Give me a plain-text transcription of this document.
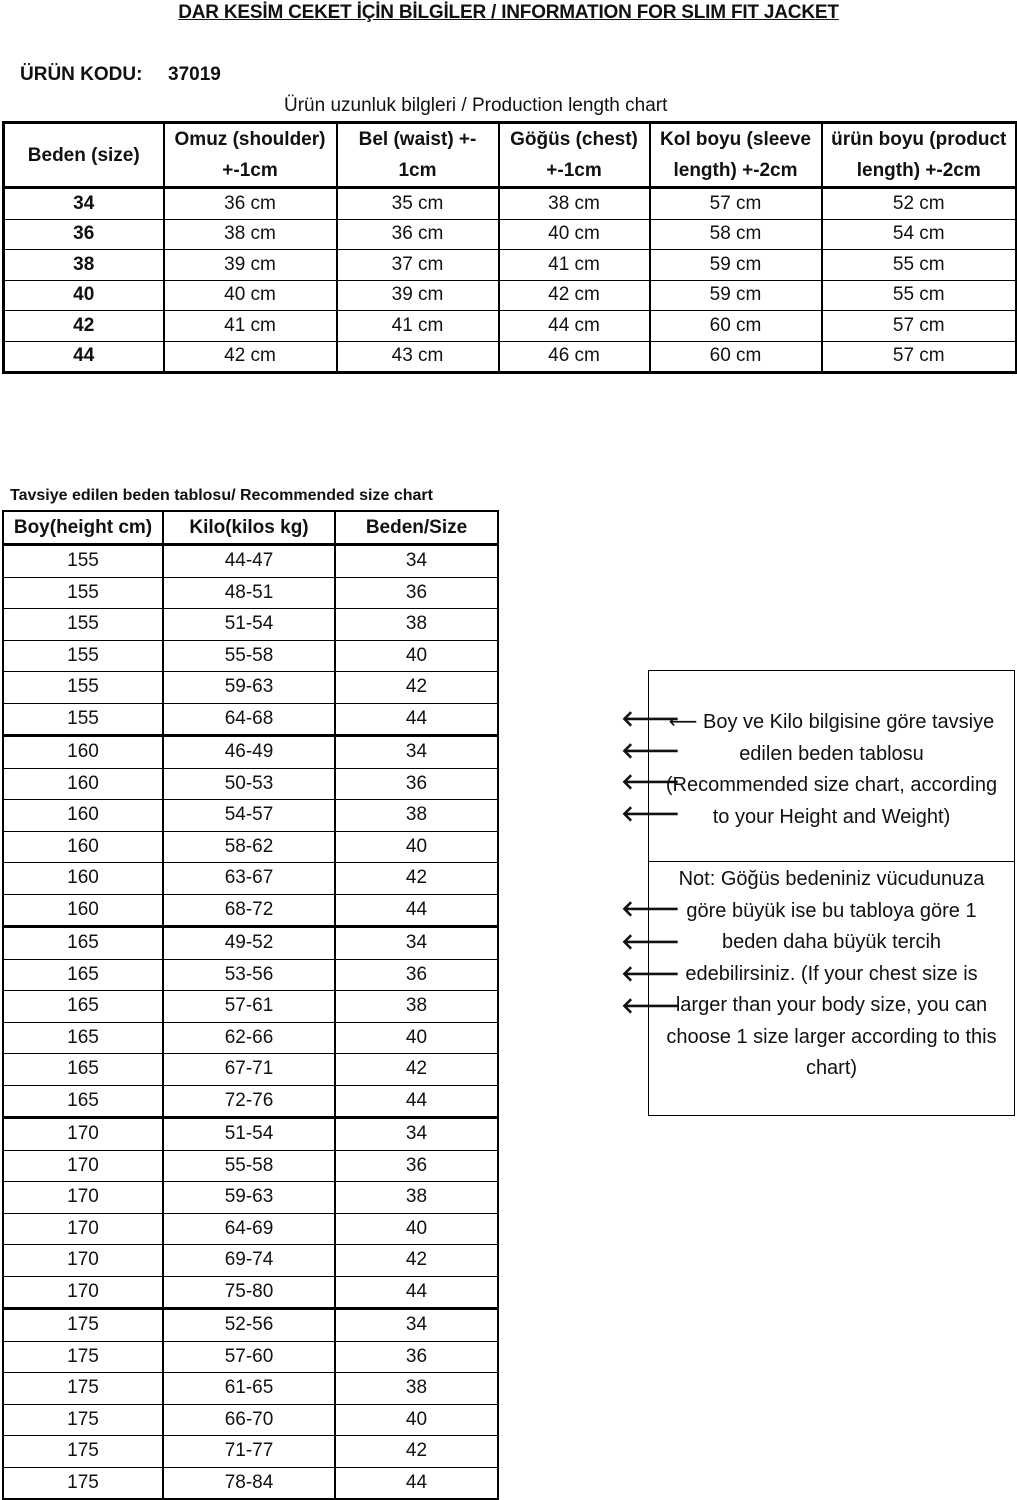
DAR KESİM CEKET İÇİN BİLGİLER / INFORMATION FOR SLIM FIT JACKET
ÜRÜN KODU: 37019
Ürün uzunluk bilgleri / Production length chart
Beden (size)	Omuz (shoulder) +-1cm	Bel (waist) +- 1cm	Göğüs (chest) +-1cm	Kol boyu (sleeve length) +-2cm	ürün boyu (product length) +-2cm
34	36 cm	35 cm	38 cm	57 cm	52 cm
36	38 cm	36 cm	40 cm	58 cm	54 cm
38	39 cm	37 cm	41 cm	59 cm	55 cm
40	40 cm	39 cm	42 cm	59 cm	55 cm
42	41 cm	41 cm	44 cm	60 cm	57 cm
44	42 cm	43 cm	46 cm	60 cm	57 cm
Tavsiye edilen beden tablosu/ Recommended size chart
Boy(height cm)	Kilo(kilos kg)	Beden/Size
155	44-47	34
155	48-51	36
155	51-54	38
155	55-58	40
155	59-63	42
155	64-68	44
160	46-49	34
160	50-53	36
160	54-57	38
160	58-62	40
160	63-67	42
160	68-72	44
165	49-52	34
165	53-56	36
165	57-61	38
165	62-66	40
165	67-71	42
165	72-76	44
170	51-54	34
170	55-58	36
170	59-63	38
170	64-69	40
170	69-74	42
170	75-80	44
175	52-56	34
175	57-60	36
175	61-65	38
175	66-70	40
175	71-77	42
175	78-84	44
⟵ Boy ve Kilo bilgisine göre tavsiye
edilen beden tablosu
(Recommended size chart, according
to your Height and Weight)
Not: Göğüs bedeniniz vücudunuza
göre büyük ise bu tabloya göre 1
beden daha büyük tercih
edebilirsiniz. (If your chest size is
larger than your body size, you can
choose 1 size larger according to this
chart)
🡐
🡐
🡐
🡐
🡐
🡐
🡐
🡐
